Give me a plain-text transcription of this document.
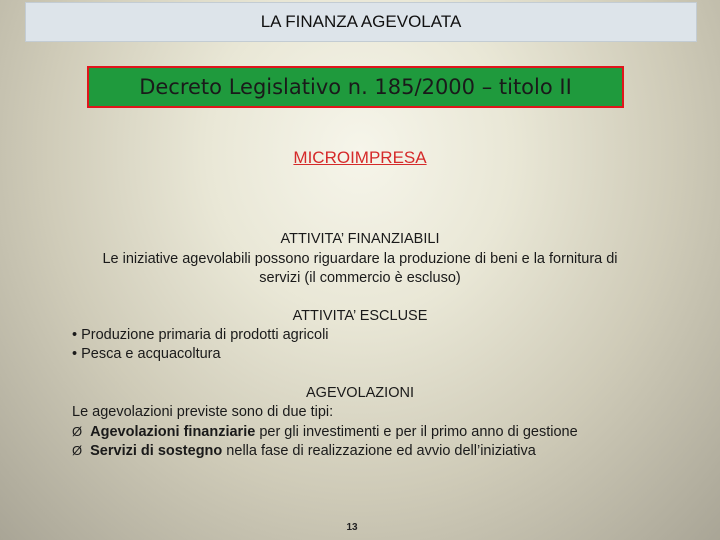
LA FINANZA AGEVOLATA
Decreto Legislativo n. 185/2000 – titolo II
MICROIMPRESA
ATTIVITA’ FINANZIABILI
Le iniziative agevolabili possono riguardare la produzione di beni e la fornitura di
servizi (il commercio è escluso)
ATTIVITA’ ESCLUSE
• Produzione primaria di prodotti agricoli
• Pesca e acquacoltura
AGEVOLAZIONI
Le agevolazioni previste sono di due tipi:
Ø Agevolazioni finanziarie per gli investimenti e per il primo anno di gestione
Ø Servizi di sostegno nella fase di realizzazione ed avvio dell’iniziativa
13
